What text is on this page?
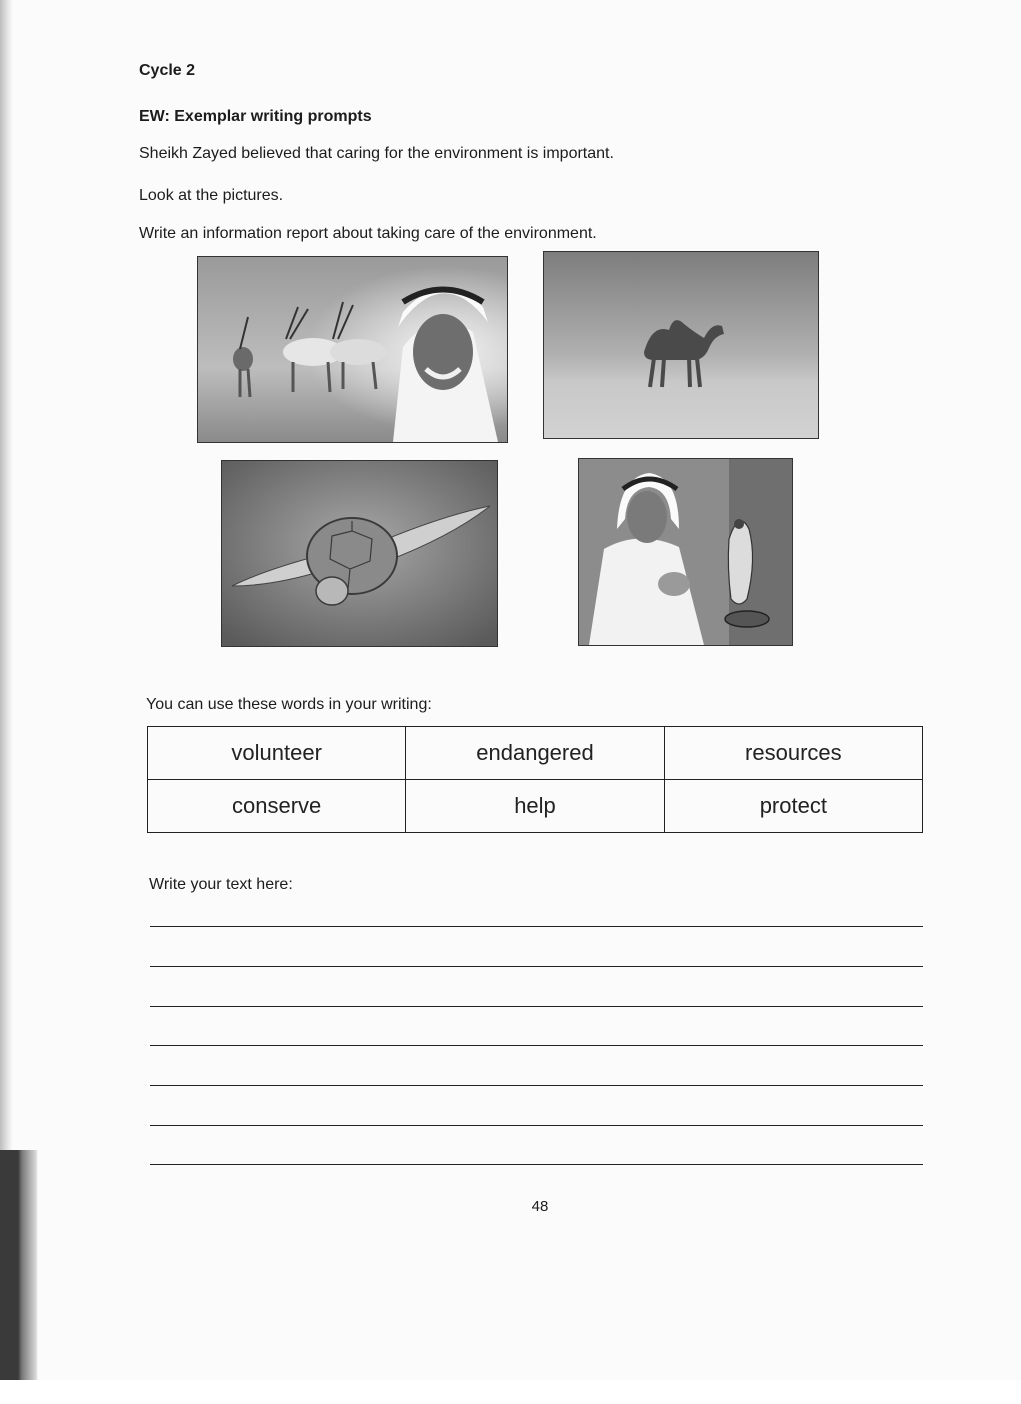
Cycle 2
EW: Exemplar writing prompts
Sheikh Zayed believed that caring for the environment is important.
Look at the pictures.
Write an information report about taking care of the environment.
You can use these words in your writing:
volunteer	endangered	resources
conserve	help	protect
Write your text here:
48
